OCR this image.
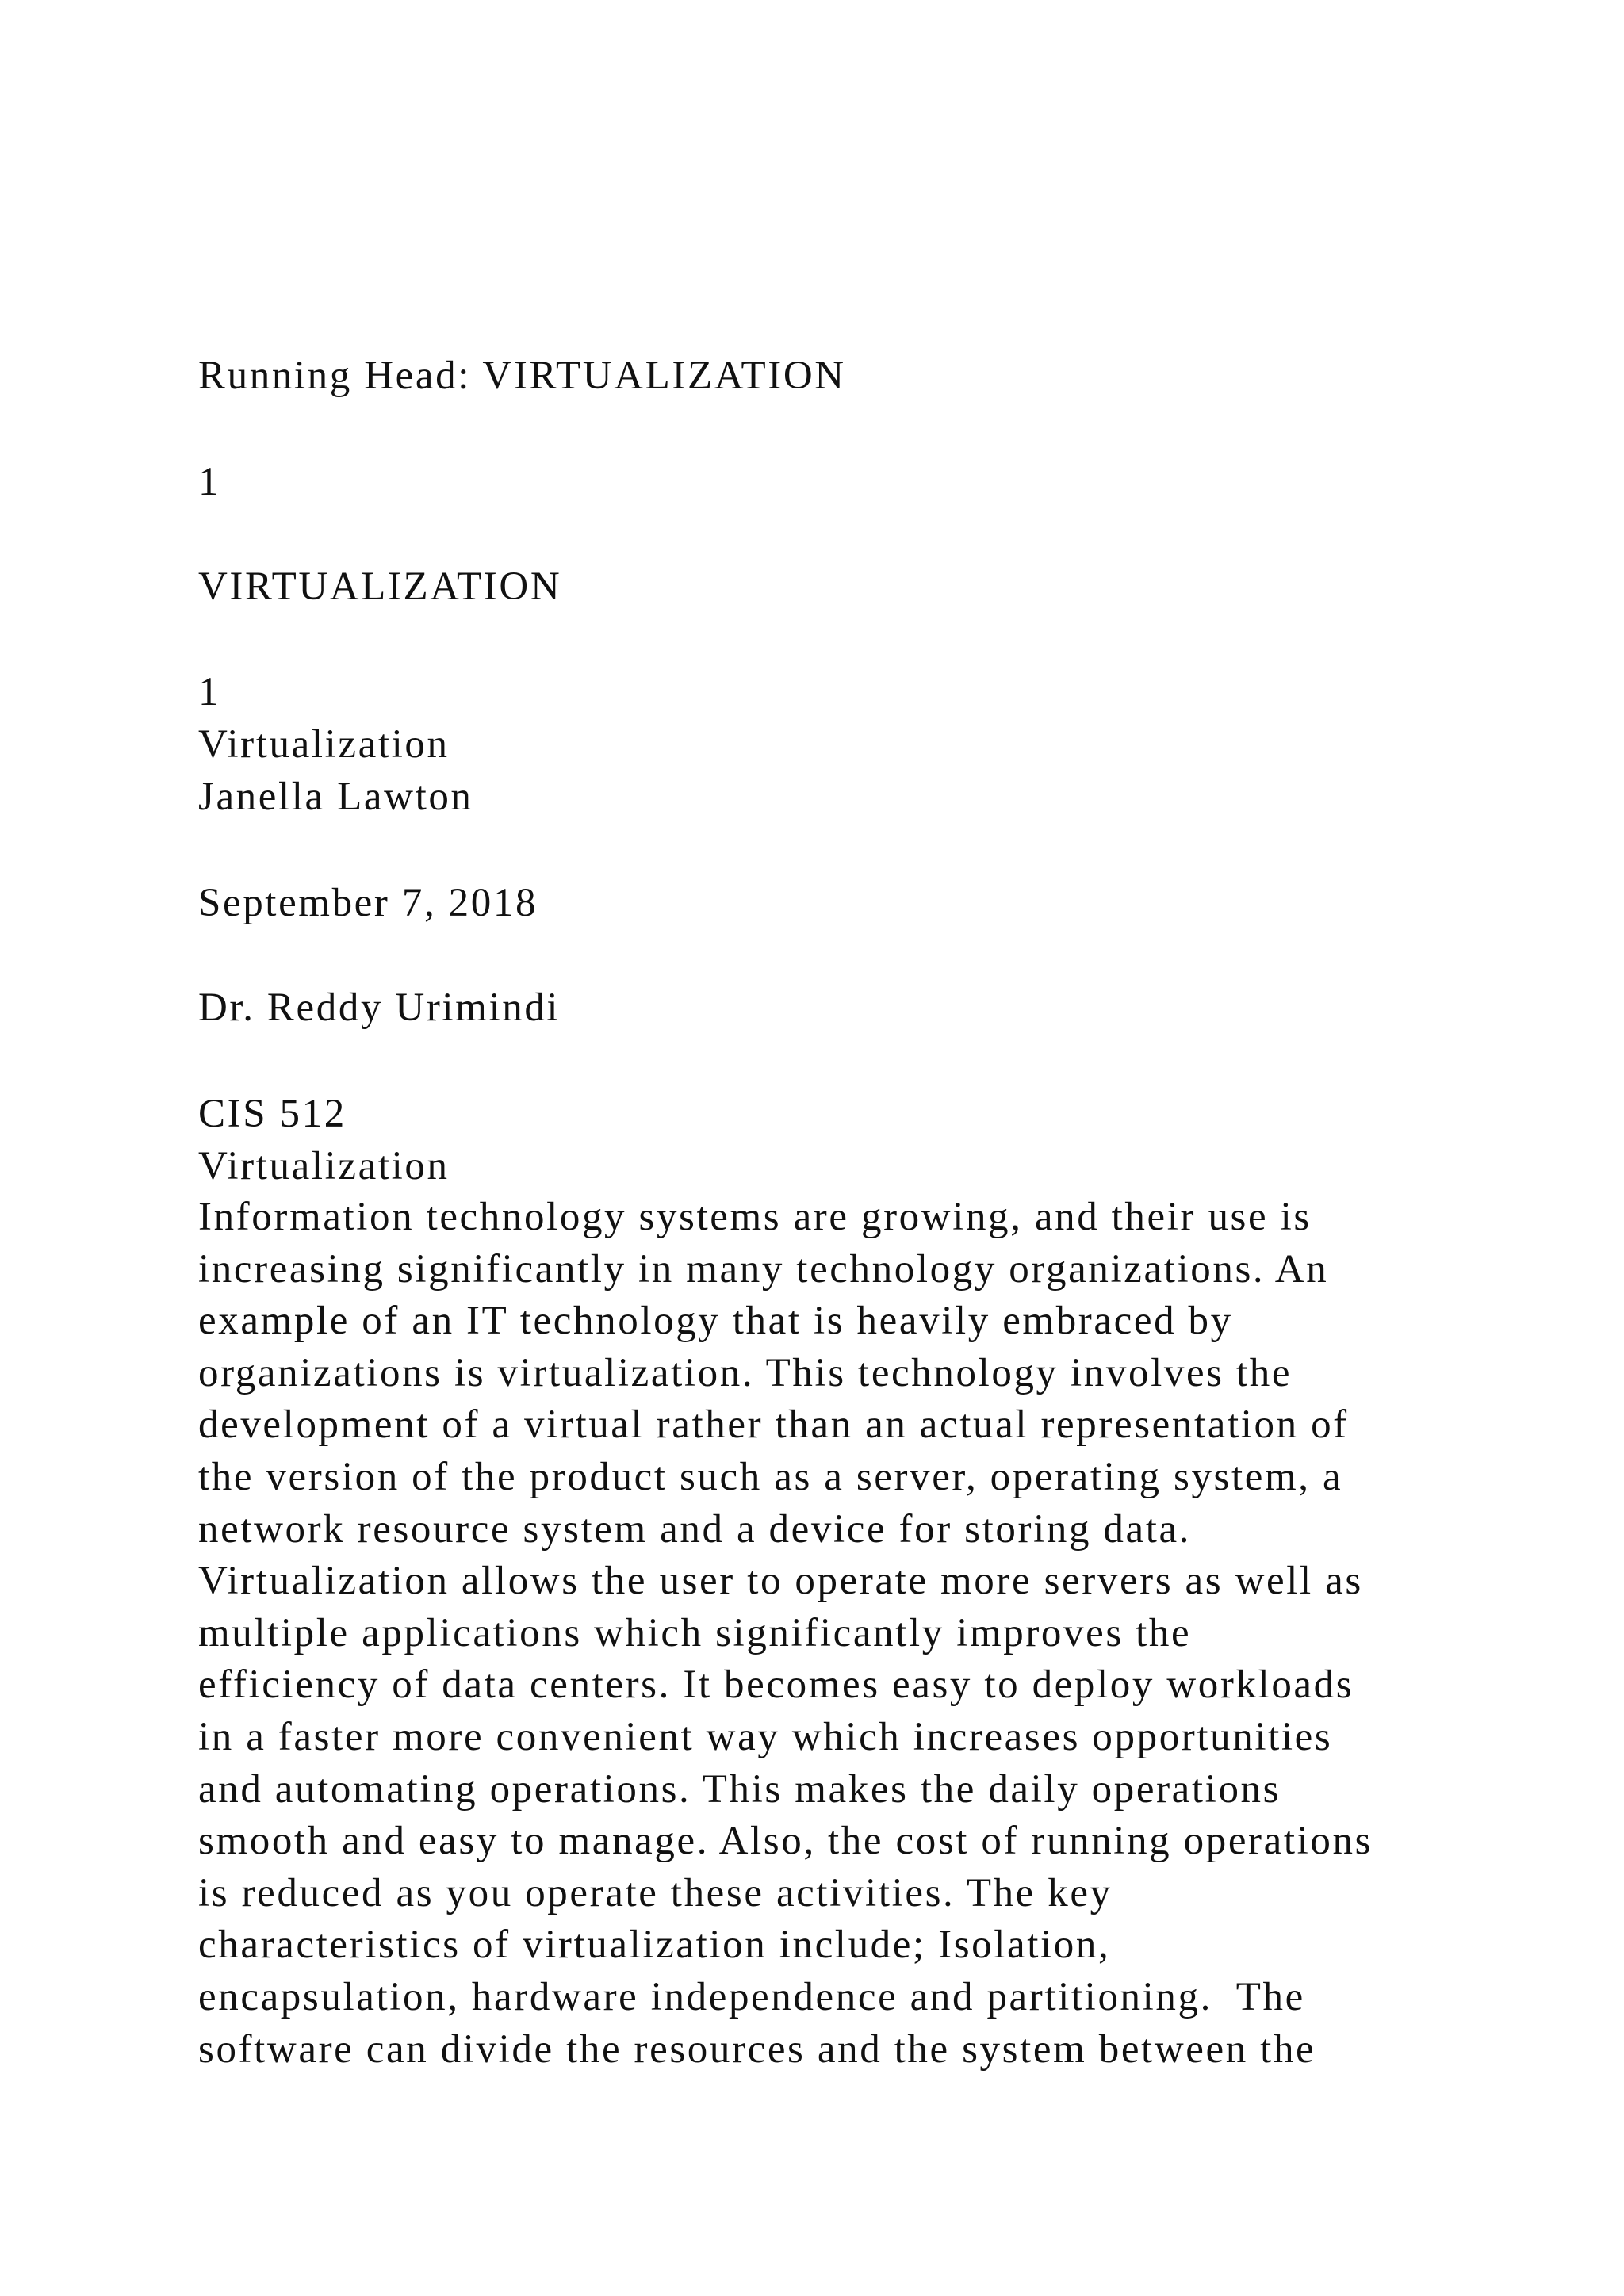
Running Head: VIRTUALIZATION

1

VIRTUALIZATION

1

Virtualization

Janella Lawton

September 7, 2018

Dr. Reddy Urimindi

CIS 512

Virtualization

Information technology systems are growing, and their use is
increasing significantly in many technology organizations. An
example of an IT technology that is heavily embraced by
organizations is virtualization. This technology involves the
development of a virtual rather than an actual representation of
the version of the product such as a server, operating system, a
network resource system and a device for storing data.
Virtualization allows the user to operate more servers as well as
multiple applications which significantly improves the
efficiency of data centers. It becomes easy to deploy workloads
in a faster more convenient way which increases opportunities
and automating operations. This makes the daily operations
smooth and easy to manage. Also, the cost of running operations
is reduced as you operate these activities. The key
characteristics of virtualization include; Isolation,
encapsulation, hardware independence and partitioning.  The
software can divide the resources and the system between the
